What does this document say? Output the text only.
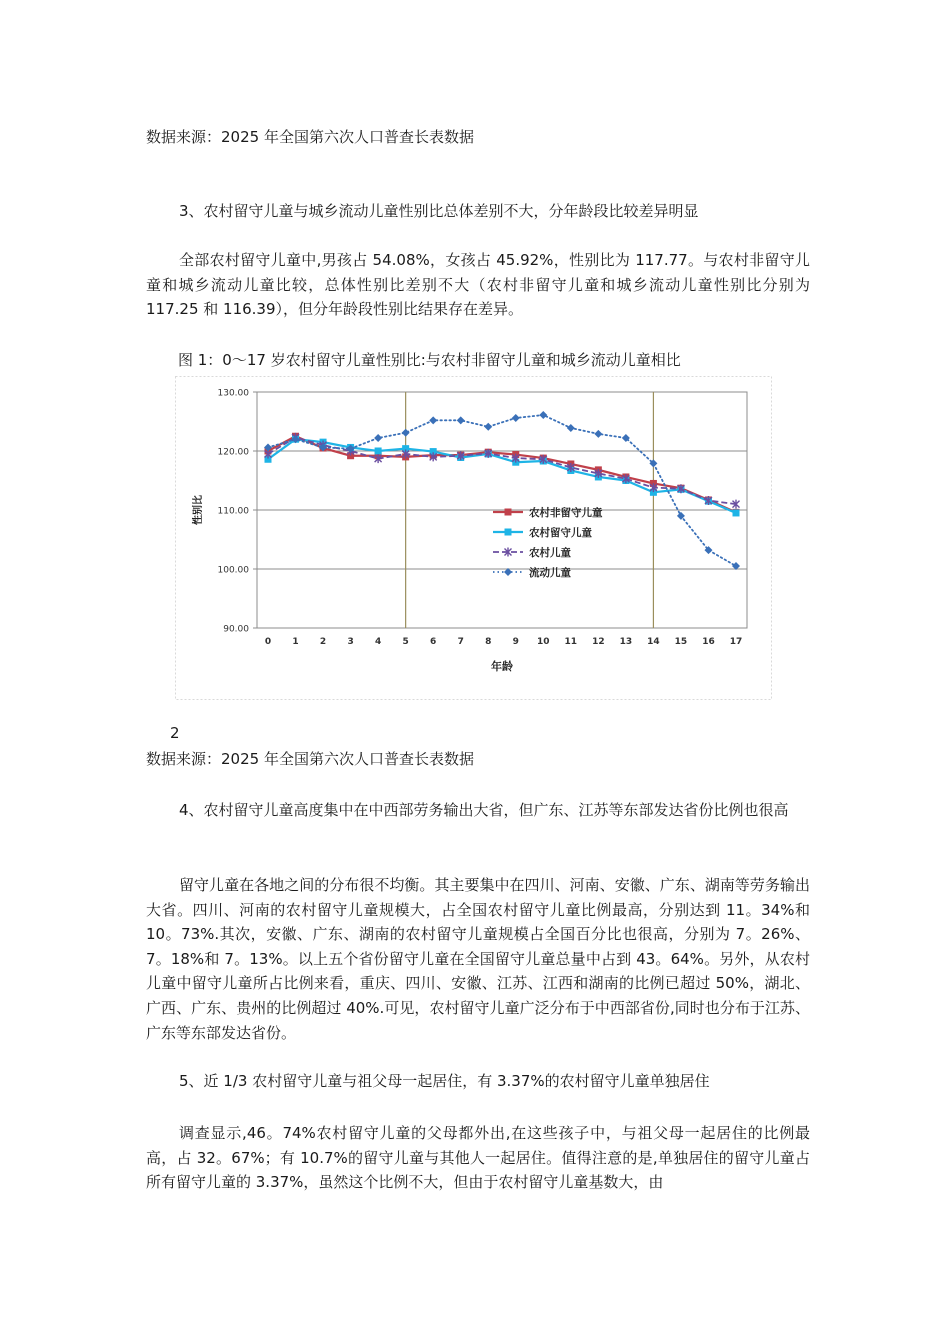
数据来源：2025 年全国第六次人口普查长表数据
3、农村留守儿童与城乡流动儿童性别比总体差别不大，分年龄段比较差异明显
全部农村留守儿童中,男孩占 54.08%，女孩占 45.92%，性别比为 117.77。与农村非留守儿童和城乡流动儿童比较，总体性别比差别不大（农村非留守儿童和城乡流动儿童性别比分别为 117.25 和 116.39），但分年龄段性别比结果存在差异。
图 1：0～17 岁农村留守儿童性别比:与农村非留守儿童和城乡流动儿童相比
90.00
100.00
110.00
120.00
130.00
0 1 2 3 4 5 6 7 8 9 10 11 12 13 14 15 16 17
年龄
性别比	农村非留守儿童
农村留守儿童
农村儿童
流动儿童
2
数据来源：2025 年全国第六次人口普查长表数据
4、农村留守儿童高度集中在中西部劳务输出大省，但广东、江苏等东部发达省份比例也很高
留守儿童在各地之间的分布很不均衡。其主要集中在四川、河南、安徽、广东、湖南等劳务输出大省。四川、河南的农村留守儿童规模大，占全国农村留守儿童比例最高，分别达到 11。34%和 10。73%.其次，安徽、广东、湖南的农村留守儿童规模占全国百分比也很高，分别为 7。26%、7。18%和 7。13%。以上五个省份留守儿童在全国留守儿童总量中占到 43。64%。另外，从农村儿童中留守儿童所占比例来看，重庆、四川、安徽、江苏、江西和湖南的比例已超过 50%，湖北、广西、广东、贵州的比例超过 40%.可见，农村留守儿童广泛分布于中西部省份,同时也分布于江苏、广东等东部发达省份。
5、近 1/3 农村留守儿童与祖父母一起居住，有 3.37%的农村留守儿童单独居住
调查显示,46。74%农村留守儿童的父母都外出,在这些孩子中，与祖父母一起居住的比例最高，占 32。67%；有 10.7%的留守儿童与其他人一起居住。值得注意的是,单独居住的留守儿童占所有留守儿童的 3.37%，虽然这个比例不大，但由于农村留守儿童基数大，由
